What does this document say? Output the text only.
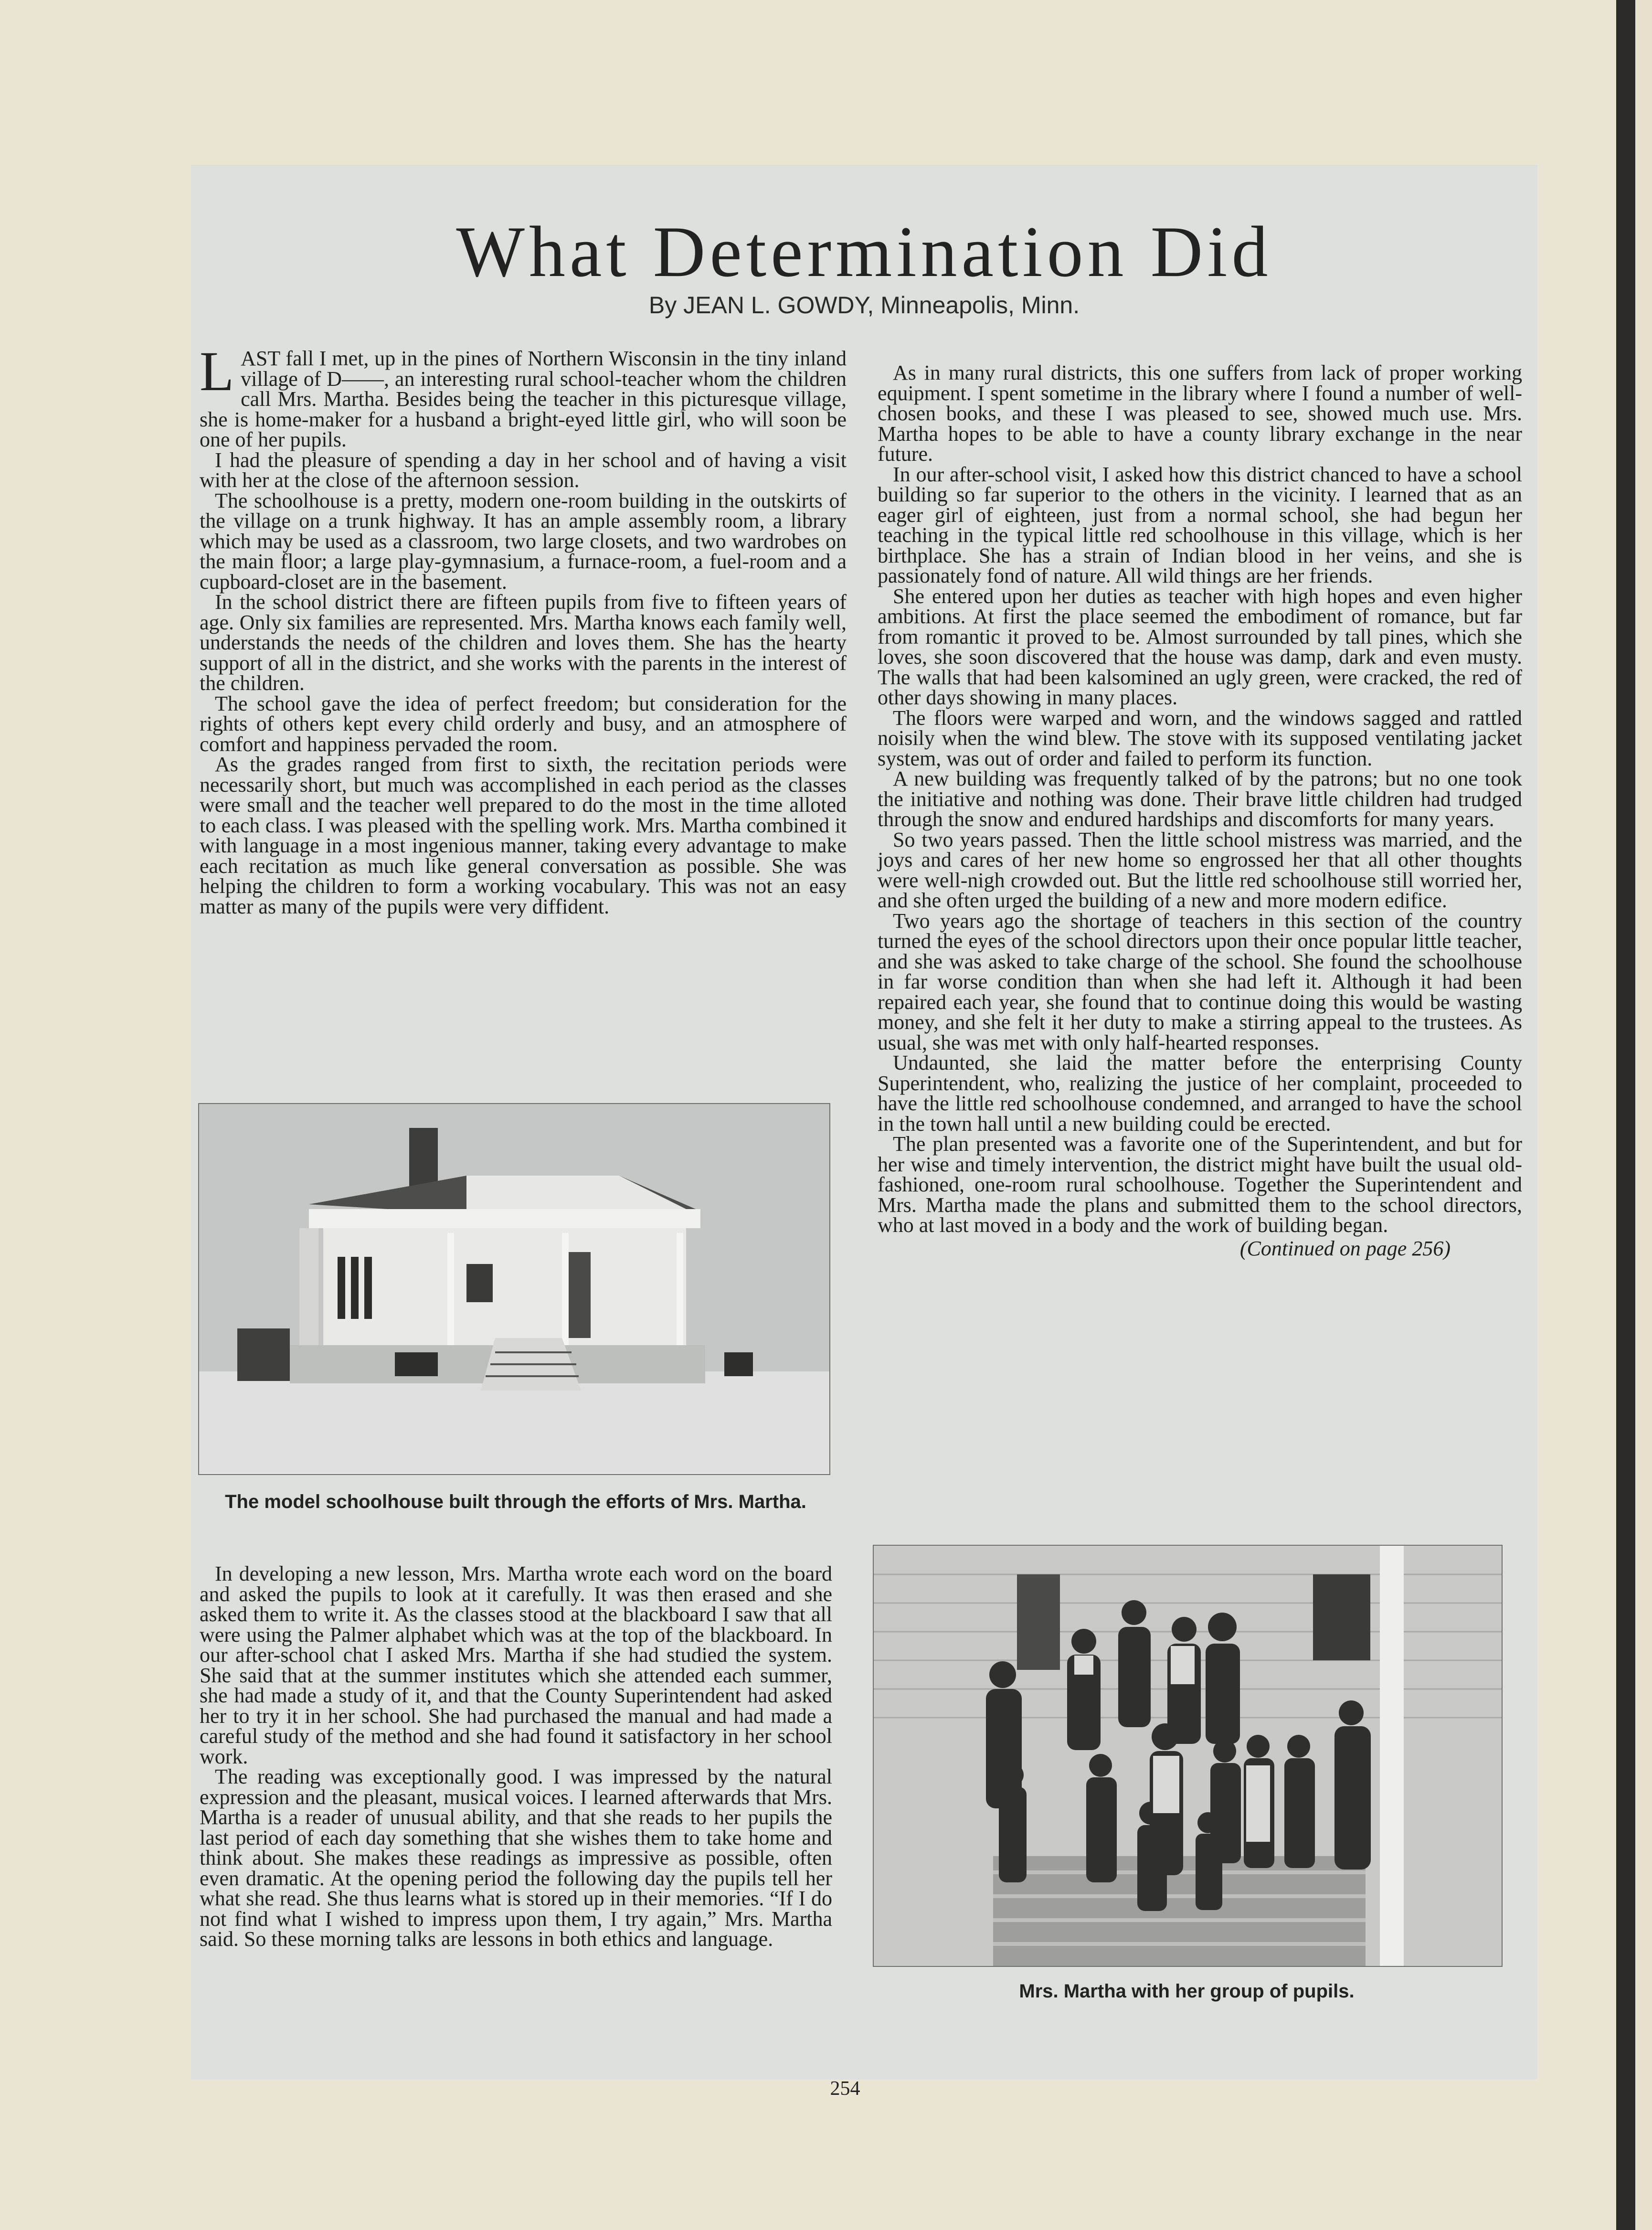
What Determination Did
By JEAN L. GOWDY, Minneapolis, Minn.

LAST fall I met, up in the pines of Northern Wisconsin in the tiny inland village of D——, an interesting rural school-teacher whom the children call Mrs. Martha. Besides being the teacher in this picturesque village, she is home-maker for a husband a bright-eyed little girl, who will soon be one of her pupils.

I had the pleasure of spending a day in her school and of having a visit with her at the close of the afternoon session.

The schoolhouse is a pretty, modern one-room building in the outskirts of the village on a trunk highway. It has an ample assembly room, a library which may be used as a classroom, two large closets, and two wardrobes on the main floor; a large play-gymnasium, a furnace-room, a fuel-room and a cupboard-closet are in the basement.

In the school district there are fifteen pupils from five to fifteen years of age. Only six families are represented. Mrs. Martha knows each family well, understands the needs of the children and loves them. She has the hearty support of all in the district, and she works with the parents in the interest of the children.

The school gave the idea of perfect freedom; but consideration for the rights of others kept every child orderly and busy, and an atmosphere of comfort and happiness pervaded the room.

As the grades ranged from first to sixth, the recitation periods were necessarily short, but much was accomplished in each period as the classes were small and the teacher well prepared to do the most in the time alloted to each class. I was pleased with the spelling work. Mrs. Martha combined it with language in a most ingenious manner, taking every advantage to make each recitation as much like general conversation as possible. She was helping the children to form a working vocabulary. This was not an easy matter as many of the pupils were very diffident.

As in many rural districts, this one suffers from lack of proper working equipment. I spent sometime in the library where I found a number of well-chosen books, and these I was pleased to see, showed much use. Mrs. Martha hopes to be able to have a county library exchange in the near future.

In our after-school visit, I asked how this district chanced to have a school building so far superior to the others in the vicinity. I learned that as an eager girl of eighteen, just from a normal school, she had begun her teaching in the typical little red schoolhouse in this village, which is her birthplace. She has a strain of Indian blood in her veins, and she is passionately fond of nature. All wild things are her friends.

She entered upon her duties as teacher with high hopes and even higher ambitions. At first the place seemed the embodiment of romance, but far from romantic it proved to be. Almost surrounded by tall pines, which she loves, she soon discovered that the house was damp, dark and even musty. The walls that had been kalsomined an ugly green, were cracked, the red of other days showing in many places.

The floors were warped and worn, and the windows sagged and rattled noisily when the wind blew. The stove with its supposed ventilating jacket system, was out of order and failed to perform its function.

A new building was frequently talked of by the patrons; but no one took the initiative and nothing was done. Their brave little children had trudged through the snow and endured hardships and discomforts for many years.

So two years passed. Then the little school mistress was married, and the joys and cares of her new home so engrossed her that all other thoughts were well-nigh crowded out. But the little red schoolhouse still worried her, and she often urged the building of a new and more modern edifice.

Two years ago the shortage of teachers in this section of the country turned the eyes of the school directors upon their once popular little teacher, and she was asked to take charge of the school. She found the schoolhouse in far worse condition than when she had left it. Although it had been repaired each year, she found that to continue doing this would be wasting money, and she felt it her duty to make a stirring appeal to the trustees. As usual, she was met with only half-hearted responses.

Undaunted, she laid the matter before the enterprising County Superintendent, who, realizing the justice of her complaint, proceeded to have the little red schoolhouse condemned, and arranged to have the school in the town hall until a new building could be erected.

The plan presented was a favorite one of the Superintendent, and but for her wise and timely intervention, the district might have built the usual old-fashioned, one-room rural schoolhouse. Together the Superintendent and Mrs. Martha made the plans and submitted them to the school directors, who at last moved in a body and the work of building began.

(Continued on page 256)
The model schoolhouse built through the efforts of Mrs. Martha.

In developing a new lesson, Mrs. Martha wrote each word on the board and asked the pupils to look at it carefully. It was then erased and she asked them to write it. As the classes stood at the blackboard I saw that all were using the Palmer alphabet which was at the top of the blackboard. In our after-school chat I asked Mrs. Martha if she had studied the system. She said that at the summer institutes which she attended each summer, she had made a study of it, and that the County Superintendent had asked her to try it in her school. She had purchased the manual and had made a careful study of the method and she had found it satisfactory in her school work.

The reading was exceptionally good. I was impressed by the natural expression and the pleasant, musical voices. I learned afterwards that Mrs. Martha is a reader of unusual ability, and that she reads to her pupils the last period of each day something that she wishes them to take home and think about. She makes these readings as impressive as possible, often even dramatic. At the opening period the following day the pupils tell her what she read. She thus learns what is stored up in their memories. “If I do not find what I wished to impress upon them, I try again,” Mrs. Martha said. So these morning talks are lessons in both ethics and language.

Mrs. Martha with her group of pupils.
254
